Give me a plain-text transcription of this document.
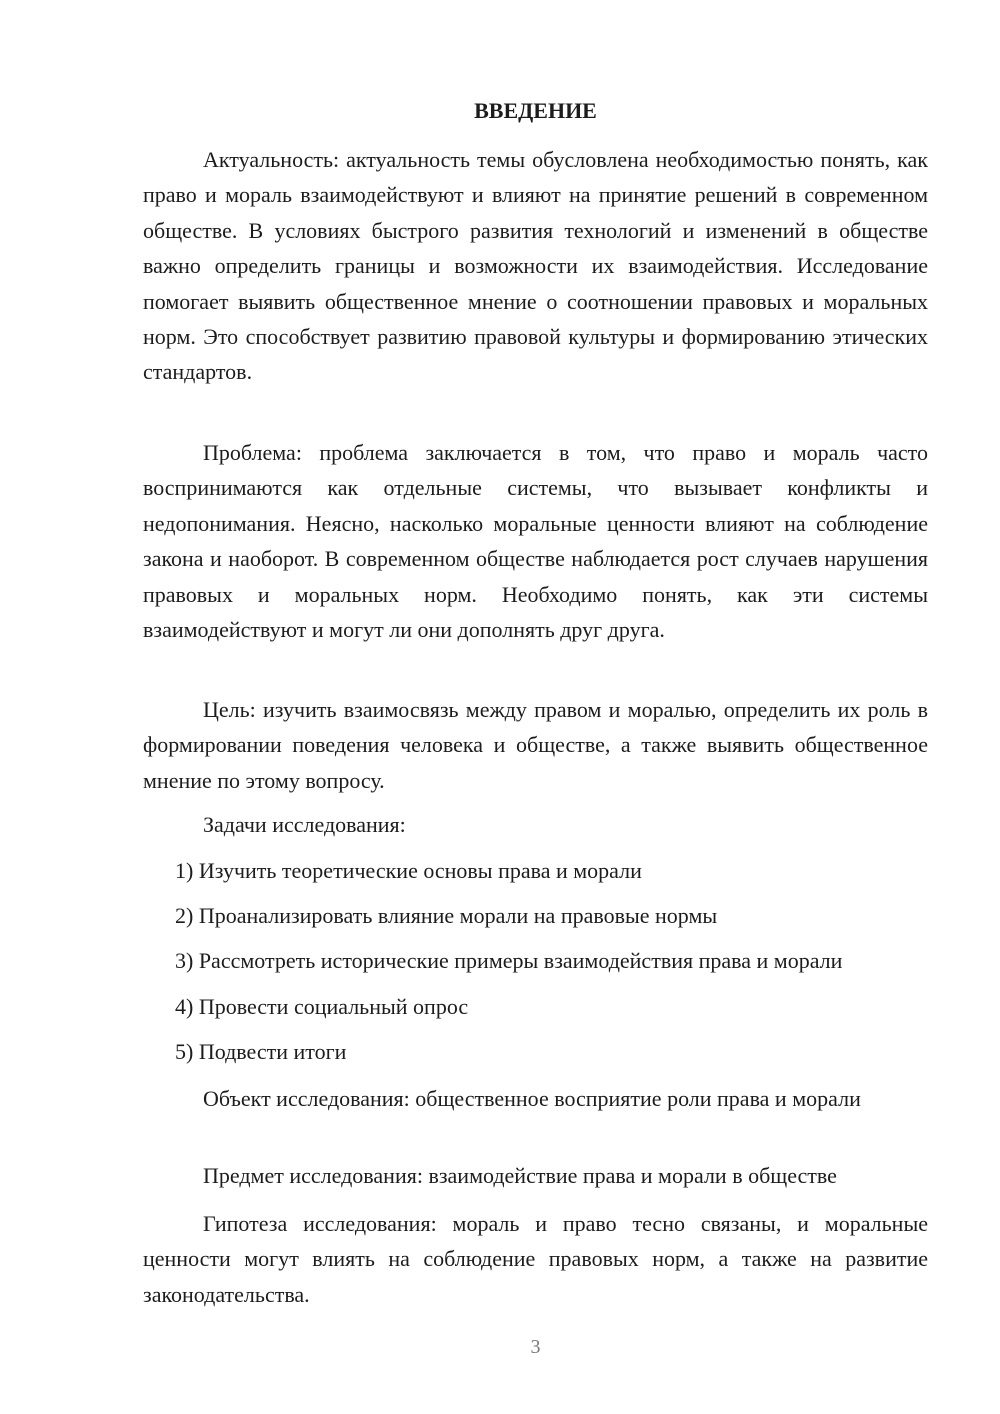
ВВЕДЕНИЕ

Актуальность: актуальность темы обусловлена необходимостью понять, как право и мораль взаимодействуют и влияют на принятие решений в современном обществе. В условиях быстрого развития технологий и изменений в обществе важно определить границы и возможности их взаимодействия. Исследование помогает выявить общественное мнение о соотношении правовых и моральных норм. Это способствует развитию правовой культуры и формированию этических стандартов.

Проблема: проблема заключается в том, что право и мораль часто воспринимаются как отдельные системы, что вызывает конфликты и недопонимания. Неясно, насколько моральные ценности влияют на соблюдение закона и наоборот. В современном обществе наблюдается рост случаев нарушения правовых и моральных норм. Необходимо понять, как эти системы взаимодействуют и могут ли они дополнять друг друга.

Цель: изучить взаимосвязь между правом и моралью, определить их роль в формировании поведения человека и обществе, а также выявить общественное мнение по этому вопросу.

Задачи исследования:

1) Изучить теоретические основы права и морали

2) Проанализировать влияние морали на правовые нормы

3) Рассмотреть исторические примеры взаимодействия права и морали

4) Провести социальный опрос

5) Подвести итоги

Объект исследования: общественное восприятие роли права и морали

Предмет исследования: взаимодействие права и морали в обществе

Гипотеза исследования: мораль и право тесно связаны, и моральные ценности могут влиять на соблюдение правовых норм, а также на развитие законодательства.

3
